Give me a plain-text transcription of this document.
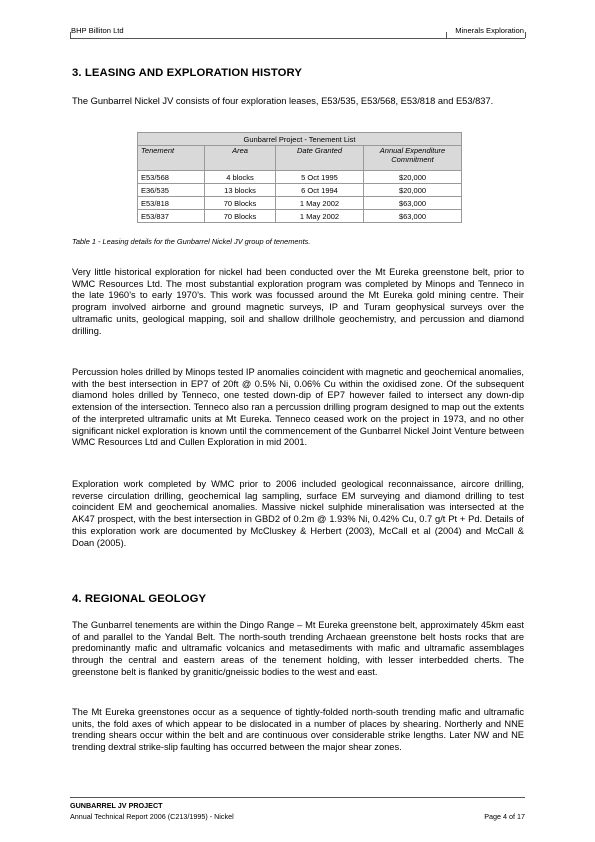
BHP Billiton Ltd	Minerals Exploration
3. LEASING AND EXPLORATION HISTORY

The Gunbarrel Nickel JV consists of four exploration leases, E53/535, E53/568, E53/818 and E53/837.

Gunbarrel Project - Tenement List			
Tenement	Area	Date Granted	Annual Expenditure Commitment
E53/568	4 blocks	5 Oct 1995	$20,000
E36/535	13 blocks	6 Oct 1994	$20,000
E53/818	70 Blocks	1 May 2002	$63,000
E53/837	70 Blocks	1 May 2002	$63,000
Table 1 - Leasing details for the Gunbarrel Nickel JV group of tenements.

Very little historical exploration for nickel had been conducted over the Mt Eureka greenstone belt, prior to WMC Resources Ltd. The most substantial exploration program was completed by Minops and Tenneco in the late 1960’s to early 1970’s. This work was focussed around the Mt Eureka gold mining centre. Their program involved airborne and ground magnetic surveys, IP and Turam geophysical surveys over the ultramafic units, geological mapping, soil and shallow drillhole geochemistry, and percussion and diamond drilling.

Percussion holes drilled by Minops tested IP anomalies coincident with magnetic and geochemical anomalies, with the best intersection in EP7 of 20ft @ 0.5% Ni, 0.06% Cu within the oxidised zone. Of the subsequent diamond holes drilled by Tenneco, one tested down-dip of EP7 however failed to intersect any down-dip extension of the intersection. Tenneco also ran a percussion drilling program designed to map out the extents of the interpreted ultramafic units at Mt Eureka. Tenneco ceased work on the project in 1973, and no other significant nickel exploration is known until the commencement of the Gunbarrel Nickel Joint Venture between WMC Resources Ltd and Cullen Exploration in mid 2001.

Exploration work completed by WMC prior to 2006 included geological reconnaissance, aircore drilling, reverse circulation drilling, geochemical lag sampling, surface EM surveying and diamond drilling to test coincident EM and geochemical anomalies. Massive nickel sulphide mineralisation was intersected at the AK47 prospect, with the best intersection in GBD2 of 0.2m @ 1.93% Ni, 0.42% Cu, 0.7 g/t Pt + Pd. Details of this exploration work are documented by McCluskey & Herbert (2003), McCall et al (2004) and McCall & Doan (2005).

4. REGIONAL GEOLOGY

The Gunbarrel tenements are within the Dingo Range – Mt Eureka greenstone belt, approximately 45km east of and parallel to the Yandal Belt. The north-south trending Archaean greenstone belt hosts rocks that are predominantly mafic and ultramafic volcanics and metasediments with mafic and ultramafic assemblages through the central and eastern areas of the tenement holding, with lesser interbedded cherts. The greenstone belt is flanked by granitic/gneissic bodies to the west and east.

The Mt Eureka greenstones occur as a sequence of tightly-folded north-south trending mafic and ultramafic units, the fold axes of which appear to be dislocated in a number of places by shearing. Northerly and NNE trending shears occur within the belt and are continuous over considerable strike lengths. Later NW and NE trending dextral strike-slip faulting has occurred between the major shear zones.

GUNBARREL JV PROJECT
Annual Technical Report 2006 (C213/1995) - Nickel	Page 4 of 17
